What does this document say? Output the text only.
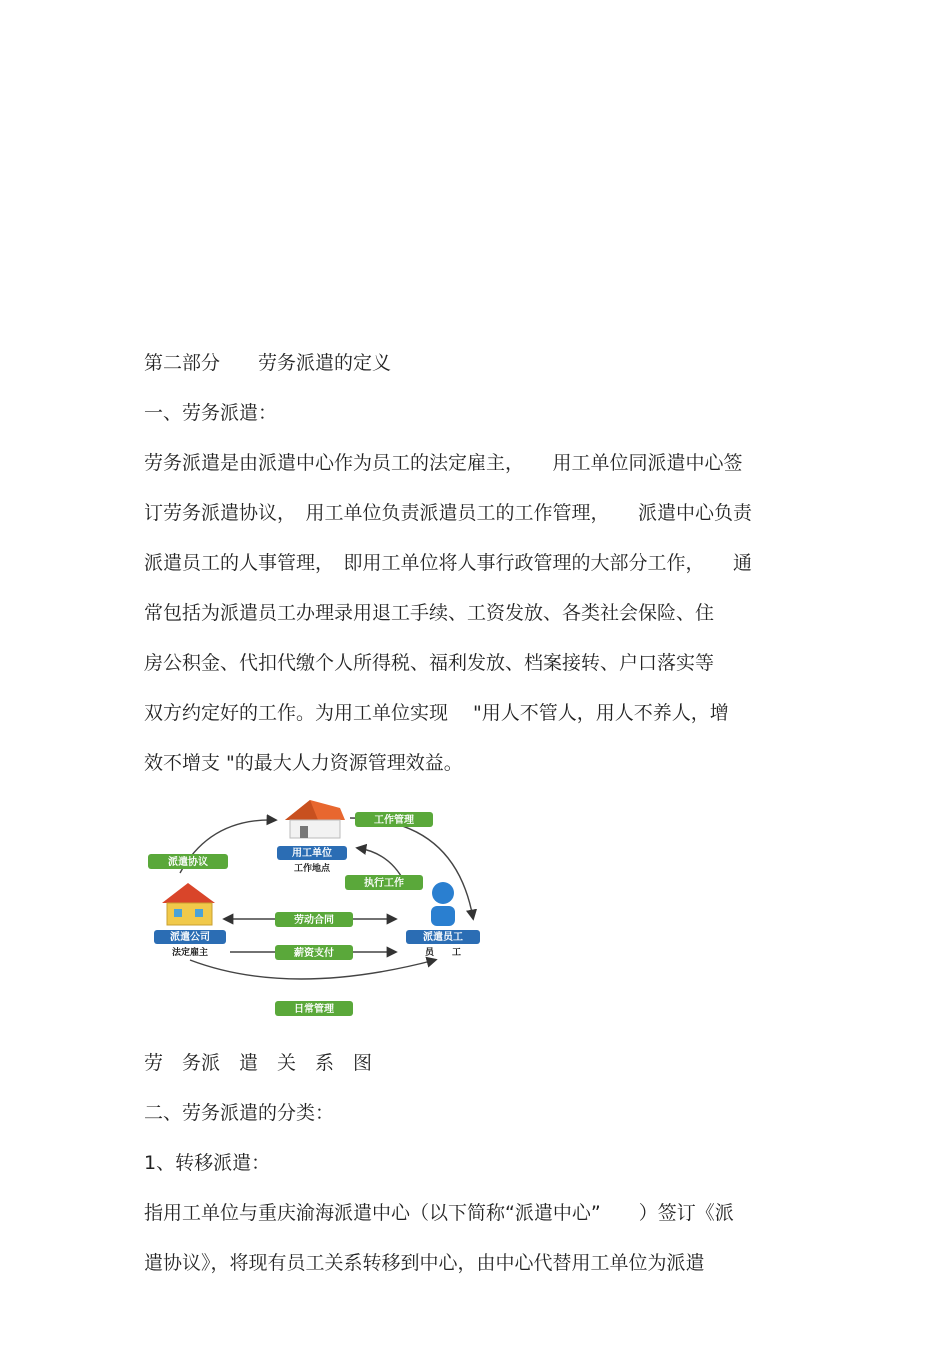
第二部分　　劳务派遣的定义

一、劳务派遣：

劳务派遣是由派遣中心作为员工的法定雇主，　　用工单位同派遣中心签

订劳务派遣协议，　用工单位负责派遣员工的工作管理，　　派遣中心负责

派遣员工的人事管理，　即用工单位将人事行政管理的大部分工作，　　通

常包括为派遣员工办理录用退工手续、工资发放、各类社会保险、住

房公积金、代扣代缴个人所得税、福利发放、档案接转、户口落实等

双方约定好的工作。为用工单位实现　 "用人不管人，用人不养人，增

效不增支 "的最大人力资源管理效益。

用工单位
工作地点
派遣公司
法定雇主
派遣员工
员　　工
派遣协议
工作管理
执行工作
劳动合同
薪资支付
日常管理

劳　务派　遣　关　系　图

二、劳务派遣的分类：

1、转移派遣：

指用工单位与重庆渝海派遣中心（以下简称“派遣中心”　　）签订《派

遣协议》，将现有员工关系转移到中心，由中心代替用工单位为派遣
